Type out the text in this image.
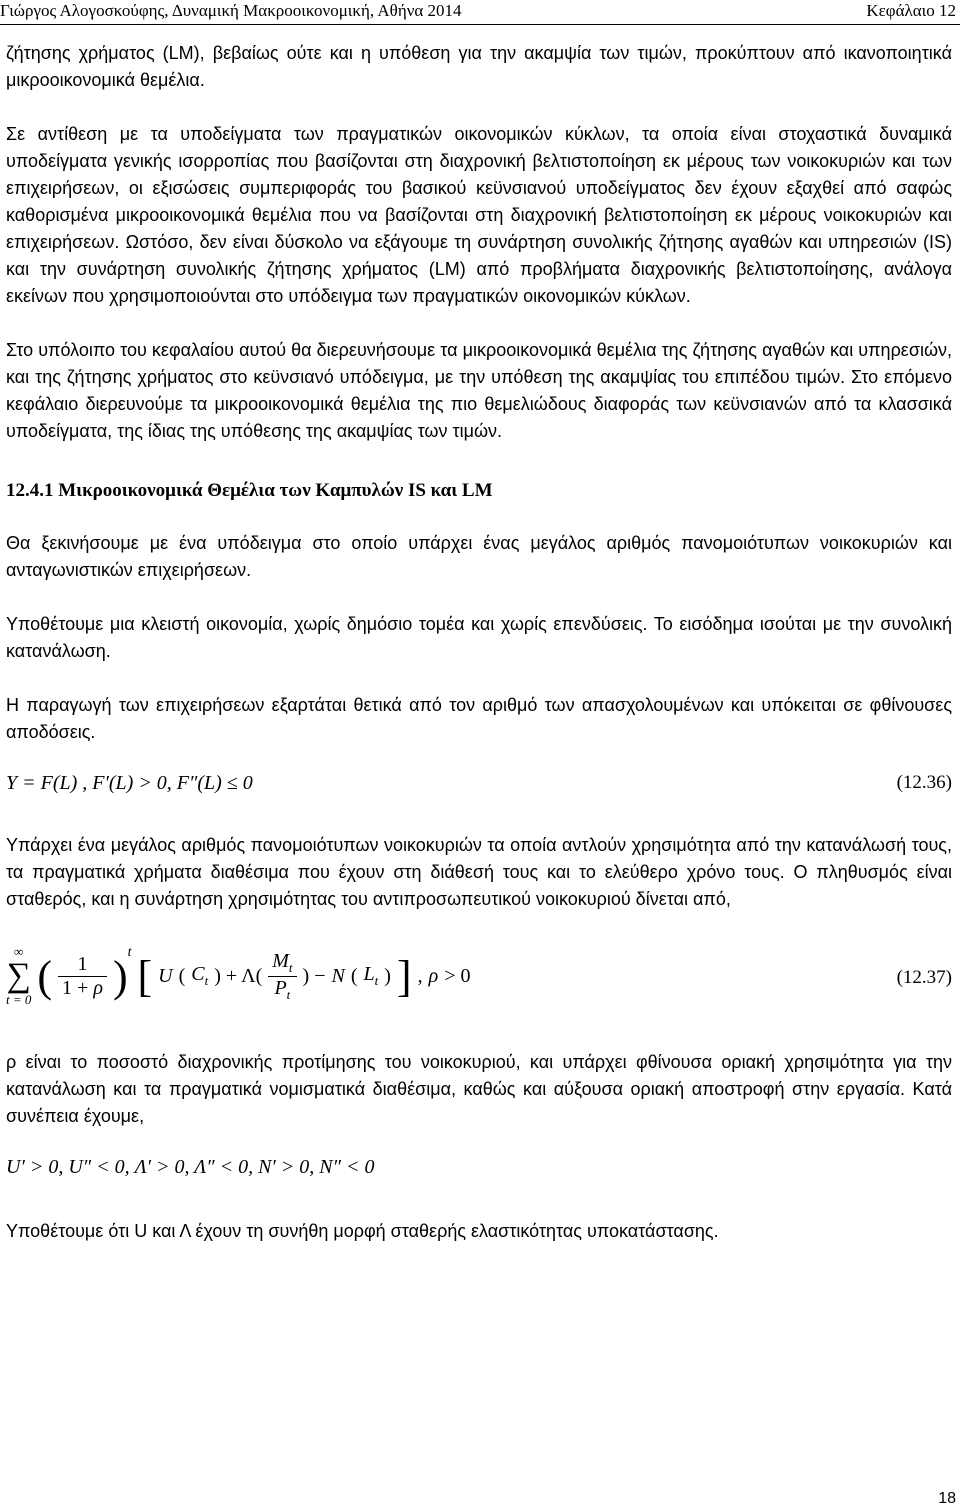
Γιώργος Αλογοσκούφης, Δυναμική Μακροοικονομική, Αθήνα 2014	Κεφάλαιο 12

ζήτησης χρήματος (LM), βεβαίως ούτε και η υπόθεση για την ακαμψία των τιμών, προκύπτουν από ικανοποιητικά μικροοικονομικά θεμέλια.

Σε αντίθεση με τα υποδείγματα των πραγματικών οικονομικών κύκλων, τα οποία είναι στοχαστικά δυναμικά υποδείγματα γενικής ισορροπίας που βασίζονται στη διαχρονική βελτιστοποίηση εκ μέρους των νοικοκυριών και των επιχειρήσεων, οι εξισώσεις συμπεριφοράς του βασικού κεϋνσιανού υποδείγματος δεν έχουν εξαχθεί από σαφώς καθορισμένα μικροοικονομικά θεμέλια που να βασίζονται στη διαχρονική βελτιστοποίηση εκ μέρους νοικοκυριών και επιχειρήσεων. Ωστόσο, δεν είναι δύσκολο να εξάγουμε τη συνάρτηση συνολικής ζήτησης αγαθών και υπηρεσιών (IS) και την συνάρτηση συνολικής ζήτησης χρήματος (LM) από προβλήματα διαχρονικής βελτιστοποίησης, ανάλογα εκείνων που χρησιμοποιούνται στο υπόδειγμα των πραγματικών οικονομικών κύκλων.

Στο υπόλοιπο του κεφαλαίου αυτού θα διερευνήσουμε τα μικροοικονομικά θεμέλια της ζήτησης αγαθών και υπηρεσιών, και της ζήτησης χρήματος στο κεϋνσιανό υπόδειγμα, με την υπόθεση της ακαμψίας του επιπέδου τιμών. Στο επόμενο κεφάλαιο διερευνούμε τα μικροοικονομικά θεμέλια της πιο θεμελιώδους διαφοράς των κεϋνσιανών από τα κλασσικά υποδείγματα, της ίδιας της υπόθεσης της ακαμψίας των τιμών.

12.4.1 Μικροοικονομικά Θεμέλια των Καμπυλών IS και LM

Θα ξεκινήσουμε με ένα υπόδειγμα στο οποίο υπάρχει ένας μεγάλος αριθμός πανομοιότυπων νοικοκυριών και ανταγωνιστικών επιχειρήσεων.

Υποθέτουμε μια κλειστή οικονομία, χωρίς δημόσιο τομέα και χωρίς επενδύσεις. Το εισόδημα ισούται με την συνολική κατανάλωση.

Η παραγωγή των επιχειρήσεων εξαρτάται θετικά από τον αριθμό των απασχολουμένων και υπόκειται σε φθίνουσες αποδόσεις.

Y = F(L) , F′(L) > 0, F″(L) ≤ 0	(12.36)

Υπάρχει ένα μεγάλος αριθμός πανομοιότυπων νοικοκυριών τα οποία αντλούν χρησιμότητα από την κατανάλωσή τους, τα πραγματικά χρήματα διαθέσιμα που έχουν στη διάθεσή τους και το ελεύθερο χρόνο τους. Ο πληθυσμός είναι σταθερός, και η συνάρτηση χρησιμότητας του αντιπροσωπευτικού νοικοκυριού δίνεται από,

∞
∑
t = 0 ( $\frac{1}{1 + \rho} )^t$ [ U ( $C_t$ ) + $\Lambda( \frac{M_t}{P_t}$ ) − N ( $L_t$ ) ] , ρ > 0	(12.37)

ρ είναι το ποσοστό διαχρονικής προτίμησης του νοικοκυριού, και υπάρχει φθίνουσα οριακή χρησιμότητα για την κατανάλωση και τα πραγματικά νομισματικά διαθέσιμα, καθώς και αύξουσα οριακή αποστροφή στην εργασία. Κατά συνέπεια έχουμε,

U′ > 0, U″ < 0, Λ′ > 0, Λ″ < 0, N′ > 0, N″ < 0

Υποθέτουμε ότι U και Λ έχουν τη συνήθη μορφή σταθερής ελαστικότητας υποκατάστασης.

18
